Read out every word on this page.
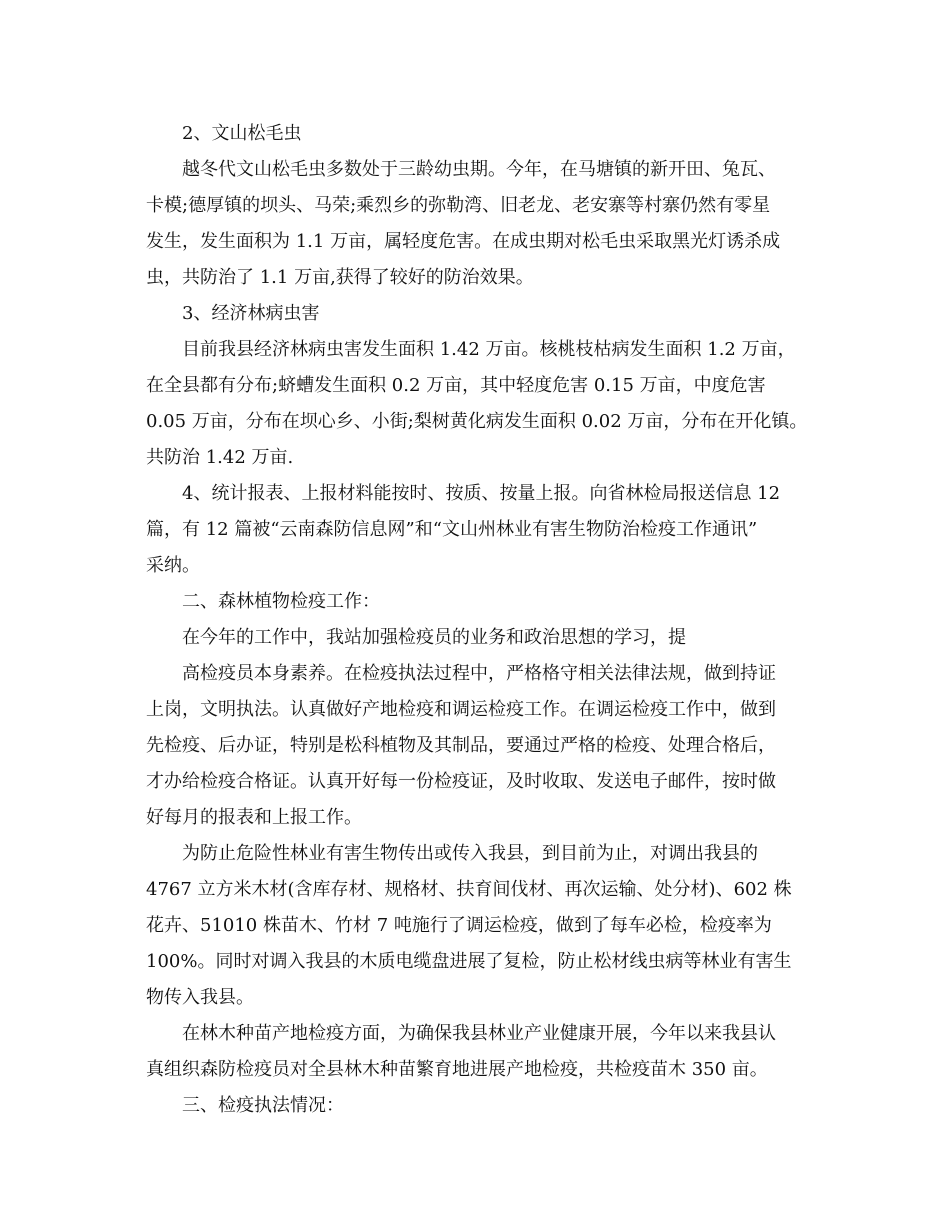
2、文山松毛虫
越冬代文山松毛虫多数处于三龄幼虫期。今年，在马塘镇的新开田、兔瓦、
卡模;德厚镇的坝头、马荣;乘烈乡的弥勒湾、旧老龙、老安寨等村寨仍然有零星
发生，发生面积为 1.1 万亩，属轻度危害。在成虫期对松毛虫采取黑光灯诱杀成
虫，共防治了 1.1 万亩,获得了较好的防治效果。
3、经济林病虫害
目前我县经济林病虫害发生面积 1.42 万亩。核桃枝枯病发生面积 1.2 万亩，
在全县都有分布;蛴螬发生面积 0.2 万亩，其中轻度危害 0.15 万亩，中度危害
0.05 万亩，分布在坝心乡、小街;梨树黄化病发生面积 0.02 万亩，分布在开化镇。
共防治 1.42 万亩.
4、统计报表、上报材料能按时、按质、按量上报。向省林检局报送信息 12
篇，有 12 篇被“云南森防信息网”和“文山州林业有害生物防治检疫工作通讯”
采纳。
二、森林植物检疫工作：
在今年的工作中，我站加强检疫员的业务和政治思想的学习，提
高检疫员本身素养。在检疫执法过程中，严格格守相关法律法规，做到持证
上岗，文明执法。认真做好产地检疫和调运检疫工作。在调运检疫工作中，做到
先检疫、后办证，特别是松科植物及其制品，要通过严格的检疫、处理合格后，
才办给检疫合格证。认真开好每一份检疫证，及时收取、发送电子邮件，按时做
好每月的报表和上报工作。
为防止危险性林业有害生物传出或传入我县，到目前为止，对调出我县的
4767 立方米木材(含库存材、规格材、扶育间伐材、再次运输、处分材)、602 株
花卉、51010 株苗木、竹材 7 吨施行了调运检疫，做到了每车必检，检疫率为
100%。同时对调入我县的木质电缆盘进展了复检，防止松材线虫病等林业有害生
物传入我县。
在林木种苗产地检疫方面，为确保我县林业产业健康开展，今年以来我县认
真组织森防检疫员对全县林木种苗繁育地进展产地检疫，共检疫苗木 350 亩。
三、检疫执法情况：
